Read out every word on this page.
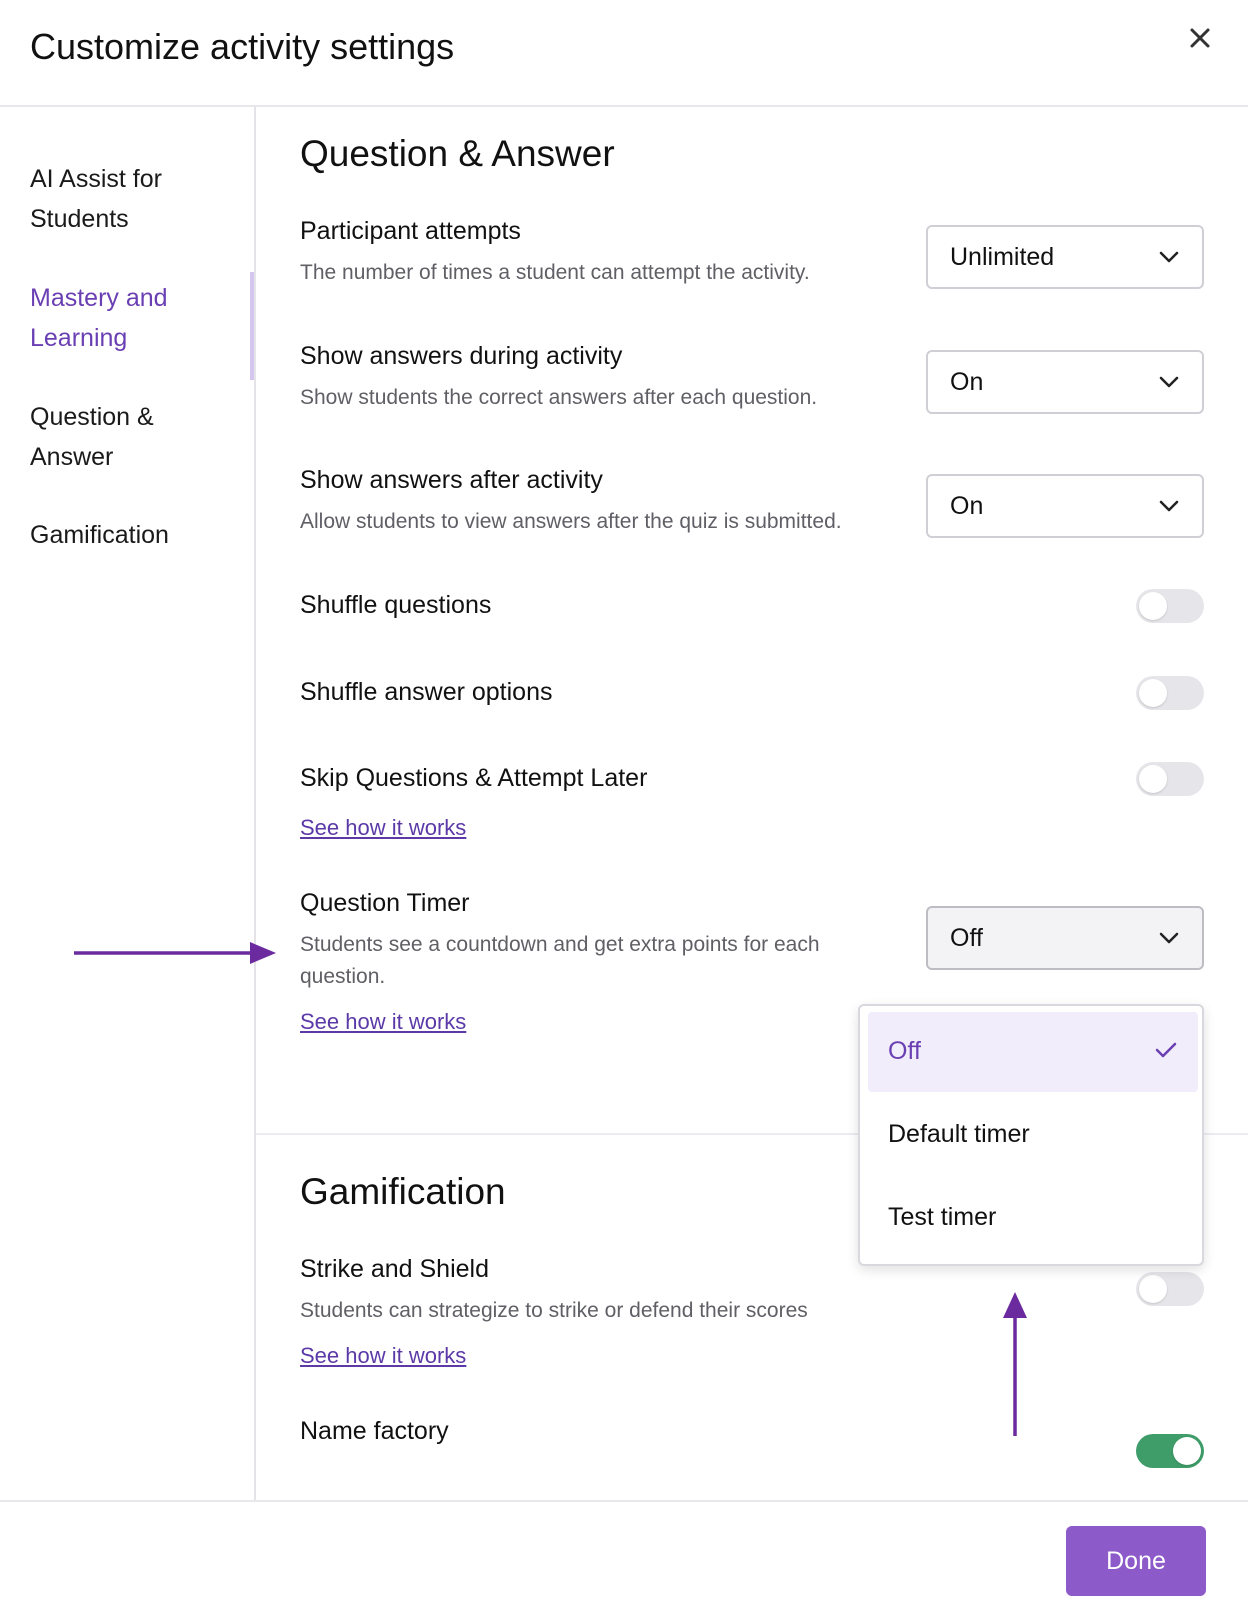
Customize activity settings
AI Assist for Students
Mastery and Learning
Question & Answer
Gamification
Question & Answer
Participant attempts
The number of times a student can attempt the activity.
Unlimited
Show answers during activity
Show students the correct answers after each question.
On
Show answers after activity
Allow students to view answers after the quiz is submitted.
On
Shuffle questions
Shuffle answer options
Skip Questions & Attempt Later
See how it works
Question Timer
Students see a countdown and get extra points for each question.
See how it works
Off
Gamification
Strike and Shield
Students can strategize to strike or defend their scores
See how it works
Name factory
Off
Default timer
Test timer
Done
